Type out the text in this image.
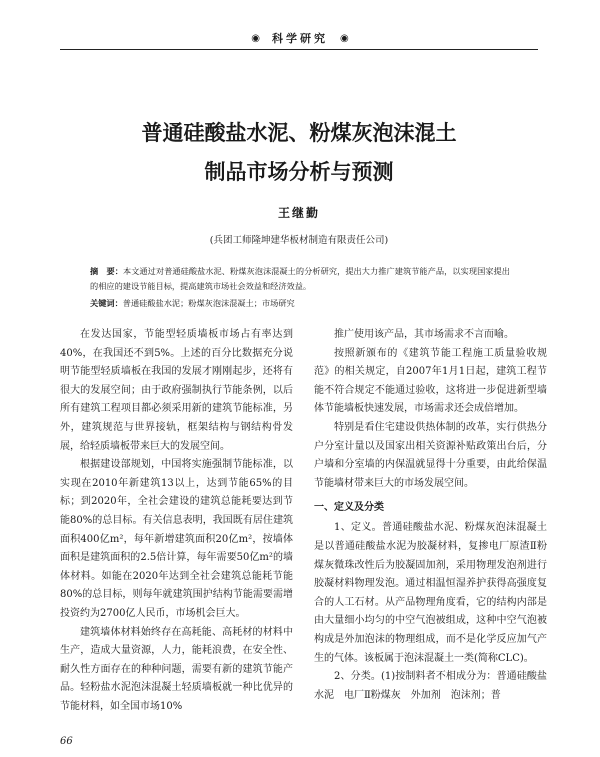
◉ 科学研究 ◉
普通硅酸盐水泥、粉煤灰泡沫混土
制品市场分析与预测
王继勤
(兵团工师隆坤建华板材制造有限责任公司)

摘　要：本文通过对普通硅酸盐水泥、粉煤灰泡沫混凝土的分析研究，提出大力推广建筑节能产品，以实现国家提出的相应的建设节能目标，提高建筑市场社会效益和经济效益。

关键词：普通硅酸盐水泥；粉煤灰泡沫混凝土；市场研究

在发达国家，节能型轻质墙板市场占有率达到40%，在我国还不到5%。上述的百分比数据充分说明节能型轻质墙板在我国的发展才刚刚起步，还将有很大的发展空间；由于政府强制执行节能条例，以后所有建筑工程项目都必须采用新的建筑节能标准，另外，建筑规范与世界接轨，框架结构与钢结构骨发展，给轻质墙板带来巨大的发展空间。

根据建设部规划，中国将实施强制节能标准，以实现在2010年新建筑13以上，达到节能65%的目标；到2020年，全社会建设的建筑总能耗要达到节能80%的总目标。有关信息表明，我国既有居住建筑面积400亿m²，每年新增建筑面积20亿m²，按墙体面积是建筑面积的2.5倍计算，每年需要50亿m²的墙体材料。如能在2020年达到全社会建筑总能耗节能80%的总目标，则每年就建筑围护结构节能需要需增投资约为2700亿人民币，市场机会巨大。

建筑墙体材料始终存在高耗能、高耗材的材料中生产，造成大量资源，人力，能耗浪费，在安全性、耐久性方面存在的种种问题，需要有新的建筑节能产品。轻粉盐水泥泡沫混凝土轻质墙板就一种比优异的节能材料，如全国市场10%

推广使用该产品，其市场需求不言而喻。

按照新颁布的《建筑节能工程施工质量验收规范》的相关规定，自2007年1月1日起，建筑工程节能不符合规定不能通过验收，这将进一步促进新型墙体节能墙板快速发展，市场需求还会成倍增加。

特别是看住宅建设供热体制的改革，实行供热分户分室计量以及国家出相关资源补贴政策出台后，分户墙和分室墙的内保温就显得十分重要，由此给保温节能墙材带来巨大的市场发展空间。

一、定义及分类

1、定义。普通硅酸盐水泥、粉煤灰泡沫混凝土是以普通硅酸盐水泥为胶凝材料，复掺电厂原渣Ⅱ粉煤灰微珠改性后为胶凝固加剂，采用物理发泡剂进行胶凝材料物理发泡。通过相温恒湿养护获得高强度复合的人工石材。从产品物理角度看，它的结构内部是由大量细小均匀的中空气泡被组成，这种中空气泡被构成是外加泡沫的物理组成，而不是化学反应加气产生的气体。该板属于泡沫混凝土一类(简称CLC)。

2、分类。(1)按制料者不相成分为：普通硅酸盐水泥　电厂Ⅱ粉煤灰　外加剂　泡沫剂；普

66
